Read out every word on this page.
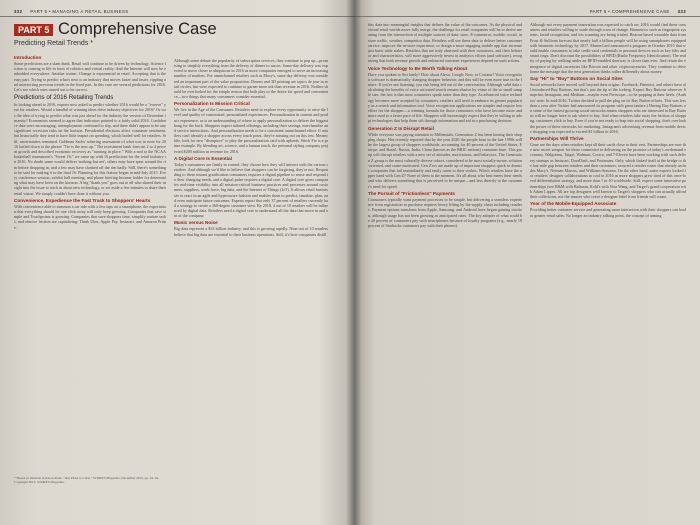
332 PART 5 • MANAGING A RETAIL BUSINESS
PART 5 Comprehensive Case
Predicting Retail Trends *
Introduction
Some predictions are a slam dunk. Retail will continue to be driven by technology. Science fiction is coming to life in form of robotics and virtual reality. And the Internet will now be embedded everywhere. Another truism: Change is exponential in retail. Accepting that is the easy part. Trying to predict what's next is an industry that moves faster and faster, rippling and intersecting previous trends in the fixed part. In this case are several predictions for 2016. Let's see which ones turned out to be correct.
Predictions of 2016 Retailing Trends
In looking ahead to 2016, experts now asked to predict whether 2016 would be a "swerve" year for retailers. Would a handful of winning ideas drive industry objectives for 2016? Or was the idea of trying to predict what was just ahead for the industry the version of December insanity? Economists seemed to agree that indicators pointed to a fairly solid 2016. Confidence data were encouraging, unemployment continued to slip, and there didn't appear to be any significant recession risks on the horizon. Presidential elections affect consumer sentiment, but historically they tend to have little impact on spending, which boded well for retailers. Still, uncertainties remained. Goldman Sachs' sobering assessment of what was in store for 2016 boiled down to the phrase "Tie is the new up." The investment bank forecast 2 to 4 percent growth and described economic recovery as "running in place." With a nod to the NCAA basketball tournament's "Sweet 16," we came up with 16 predictions for the retail industry in 2016. No doubt some would deliver 'nothing but net'; others may have spun around the rim before dropping in, and a few may have clanked off the rim badly. Still, there's something to be said for making it to the final 16. Planning for this feature began in mid-July 2015. Every conference session, exhibit hall meeting, and phone briefing became fodder for determining what may have been on the horizon. A big "thank you" goes out to all who shared their insight into the issue to track in about new technology, or set aside a few minutes to share their retail vision. We simply couldn't have done it without you.
Convenience, Expedience the Fast Track to Shoppers' Hearts
With convenience able to summon a car ride with a few taps on a smartphone, the expectation that everything should be one click away will only keep growing. Companies that save simple and Touchpoints is growing. Companies that save shoppers time, simplify routine tasks, and remove friction are capitalizing: Think Uber, Apple Pay, Instacart, and Amazon Prime.
Although some debate the popularity of subscription services, they continue to pop up—promising to simplify everything from the delivery of dinner to razors. Same-day delivery was expected to move closer to ubiquitous in 2016 as more companies emerged to serve an increasing number of markets. For omnichannel retailers such as Macy's, same day delivery was considered an important part of the value proposition. Drones and 3D printing are topics de jour in retail circles, but were expected to continue to garner more ink than revenue in 2016. Neither should be overlooked for the simple reason that both play to the desire for speed and convenience—two things that many consumers consider essential.
Personalization Is Mission Critical
We live in the Age of the Consumer. Retailers need to explore every opportunity to raise the level and quality of customized, personalized experiences. Personalization in content and product experience, as is an understanding of where to apply personalization to deliver the biggest bang for the buck. Shoppers expect tailored offerings, including their savings, merchandise and service interactions. And personalization needs to be a consistent omnichannel effort. If retailers can't identify a shopper across every touch point, they're missing out on this test. Meanwhile, look for new "disruptors" to play the personalization card with aplomb. Stitch Fix is a prime example. By blending art, science, and a human touch, the personal styling company projected $200 million in revenue for 2016.
A Digital Core Is Essential
Today's consumers are firmly in control; they choose how they will interact with the various retailers. And although we'd like to believe that shoppers can be forgiving, they're not. Responding to these instant gratification consumers requires a digital pipeline to sense and respond to their changing needs, and a digital pulse requires a digital core. A digital core gives companies real-time visibility into all mission-critical business practices and processes around customers, suppliers, work force, big data, and the Internet of Things (IoT). It allows retail businesses to react in an agile and hyperaware fashion and enables them to predict, simulate, plan, and even anticipate future outcomes. Experts report that only 37 percent of retailers currently had a strategy to create a 360-degree customer view. By 2018, 4 out of 10 retailers will be influenced by digital data. Retailers need a digital core to understand all the data that move in and out of the company.
Music versus Noise
Big data represent a $33 billion industry, and this is growing rapidly. Nine out of 10 retailers believe that big data are essential to their business operations. Still, it's how companies distill
* Based on material in Karen Rode, "Our Picks to Click," STORES Magazine, December 2015, pp. 22–24. Copyright 2015, STORES Magazine.
PART 5 • COMPREHENSIVE CASE 333
this data into meaningful insights that defines the value of the outcomes. As the physical and virtual retail worlds move fully merge, the challenge for retail companies will be to derive meaning from the intersection of multiple sources of data: store, E-commerce, mobile, social, in store traffic, weather, competitor data. Retailers will use these data to deliver better customer service, improve the in-store experience, or design a more engaging mobile app that increase just basic table stakes. Retailers that are truly obsessed with their customers, and their behavior and characteristics, will more aggressively invest in analytics efforts (and software), recognizing that both revenue growth and enhanced customer experiences depend on such actions.
Voice Technology to Be Worth Talking About
Have you spoken to Siri lately? How about Alexa, Google Now, or Cortana? Voice recognition software is dramatically changing shopper behavior; and this will be even more true in the future. If you're not listening, you risk being left out of the conversation. Although solid data calculating the benefits of voice activated search remain elusive by virtue of the so small sample size, the fact is that most consumers speak faster than they type. As advanced voice technology becomes more accepted by consumers, retailers will need to embrace its greater popularity as a search and information tool. Voice recognition applications are simpler and require less effort for the shopper—a winning formula for those consumers who have become more and more used to a faster pace of life. Shoppers will increasingly expect that they're willing to adopt technologies that help them sift through information and aid in a purchasing decision.
Generation Z Is Disrupt Retail
While everyone was paying attention to Millennials, Generation Z has been honing their shopping chops. Has recently reported that by the year 2020 the people born in the late 1990s will be the largest group of shoppers worldwide, accounting for 40 percent of the United States, Europe, and Brazil, Russia, India, China (known as the BRIC nations) consumer base. This group will disrupt retailers with a new set of attitudes, motivations, and behaviors. The Generation Z group is the most culturally diverse cohort, considered to be most socially-aware, solution-oriented, and cause-motivated. Gen Z'ers are made up of important shoppers quick to dismiss companies that fail immediately and easily come to their wishes. Which retailers have the upper hand with Gen Z? None of them at the moment. It's all about who best meets their needs and who delivers something that is perceived to be unique—and less directly to the customer's need for speed.
The Pursuit of "Frictionless" Payments
Consumers typically want payment processes to be simple, but delivering a seamless experience from registration to purchase requires heavy lifting by the supply chain including retailers. Payment options transform from Apple, Samsung, and Android have begun gaining traction, although usage has not been growing as anticipated rates. The key adopter of what could be 40 percent of consumers pay with smartphones because of loyalty programs (e.g., nearly 18 percent of Starbucks customers pay with their phones).
Although not every payment innovation was expected to catch on, 2016 would find these consumers and retailers willing to wade through a sea of change. Biometrics such as fingerprint systems, facial recognition, and iris scanning are being trialed. Beacon-based wearable data from Frost & Sullivan forecast that nearly half a billion people will be using smartphones equipped with biometric technology by 2017. MasterCard announced a program in October 2015 that would enable consumers to take credit-card credentials to personal devices such as key fobs and smart rings. Don't discount the possibilities of RFID (Radio Frequency Identification). The reality of paying by walking under an RFID-enabled doorway is closer than ever. And retain the emergence of digital currencies like Bitcoin and other cryptocurrencies. They continue to drive home the message that the next generation thinks rather differently about money.
Say "Hi" to "Buy" Buttons on Social Sites
Social networks have moved well beyond their origins. Facebook, Pinterest, and others have all introduced Buy Buttons, but that's just the tip of the iceberg. Expect Buy Buttons wherever Snapchat, Instagram, and Medium—maybe even Periscope—to be popping at their heels. (Authors' note: In mid-2016, Twitter decided to pull the plug on its Buy Button efforts. This was less than a year after Twitter had announced its program with great fanfare.) Having Buy Buttons on some of the fastest-growing social networks means shoppers who are interested in Buy Buttons will no longer have to ask where to buy. And when retailers take away the friction of shopping, customers click to buy. Even if you're not ready to leap into social shopping, don't overlook the power of these networks for marketing. Instagram's advertising revenue from mobile device shopping was expected to exceed $1 billion in 2016.
Partnerships Will Thrive
Gone are the days when retailers kept all their cards close to their vest. Partnerships are now the new secret weapon for those committed to delivering on the promise of today's on-demand economy. Walgreens, Target, Walmart, Costco, and 7-Eleven have been working with such delivery startups as Instacart, DoorDash, and Postmates. Only, which linked itself at the bridge to the last mile gap between retailers and their customers, secured a retailer roster that already includes Macy's, Neiman Marcus, and Williams-Sonoma. On the other hand, some experts looked for retailers' designer collaborations to cool in 2016 as more shoppers grew tired of this once-loved differentiation strategy, and more than 1 in 10 worldwide. Still, expect some innovative partnerships (see H&M with Balmain, Kohl's with Vera Wang, and Target's grand cooperation with Adam Lippes. All are top designers well known to Target's shoppers who can actually afford their collections, not the masses who crave a designer label from friends will count.
Year of the Mobile-Equipped Associate
Providing better customer service and generating more interaction with their shoppers can lead to greater retail sales. No longer an industry talking point, the concept of arming
